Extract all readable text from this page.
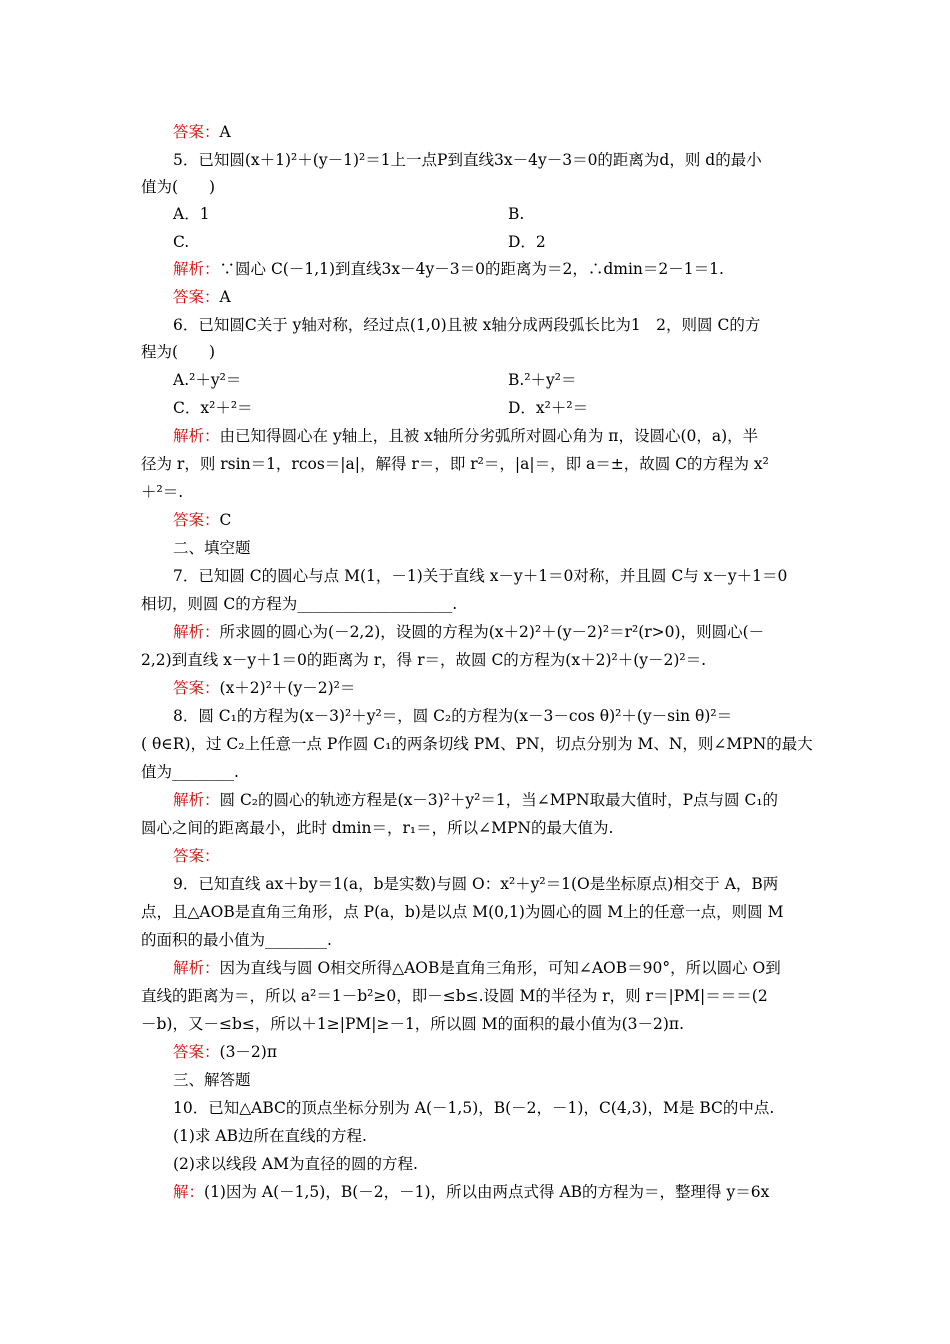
答案：A
5．已知圆(x＋1)²＋(y－1)²＝1上一点P到直线3x－4y－3＝0的距离为d，则 d的最小
值为(　　)
A．1
C.
解析：∵圆心 C(－1,1)到直线3x－4y－3＝0的距离为＝2，∴dmin＝2－1＝1.
答案：A
6．已知圆C关于 y轴对称，经过点(1,0)且被 x轴分成两段弧长比为1　2，则圆 C的方
程为(　　)
A.²＋y²＝
C．x²＋²＝
解析：由已知得圆心在 y轴上，且被 x轴所分劣弧所对圆心角为 π，设圆心(0，a)，半
径为 r，则 rsin＝1，rcos＝|a|，解得 r＝，即 r²＝，|a|＝，即 a＝±，故圆 C的方程为 x²
＋²＝.
答案：C
二、填空题
7．已知圆 C的圆心与点 M(1，－1)关于直线 x－y＋1＝0对称，并且圆 C与 x－y＋1＝0
相切，则圆 C的方程为____________________.
解析：所求圆的圆心为(－2,2)，设圆的方程为(x＋2)²＋(y－2)²＝r²(r>0)，则圆心(－
2,2)到直线 x－y＋1＝0的距离为 r，得 r＝，故圆 C的方程为(x＋2)²＋(y－2)²＝.
答案：(x＋2)²＋(y－2)²＝
8．圆 C₁的方程为(x－3)²＋y²＝，圆 C₂的方程为(x－3－cos θ)²＋(y－sin θ)²＝
( θ∈R)，过 C₂上任意一点 P作圆 C₁的两条切线 PM、PN，切点分别为 M、N，则∠MPN的最大
值为________.
解析：圆 C₂的圆心的轨迹方程是(x－3)²＋y²＝1，当∠MPN取最大值时，P点与圆 C₁的
圆心之间的距离最小，此时 dmin＝，r₁＝，所以∠MPN的最大值为.
答案：
9．已知直线 ax＋by＝1(a，b是实数)与圆 O：x²＋y²＝1(O是坐标原点)相交于 A，B两
点，且△AOB是直角三角形，点 P(a，b)是以点 M(0,1)为圆心的圆 M上的任意一点，则圆 M
的面积的最小值为________.
解析：因为直线与圆 O相交所得△AOB是直角三角形，可知∠AOB＝90°，所以圆心 O到
直线的距离为＝，所以 a²＝1－b²≥0，即－≤b≤.设圆 M的半径为 r，则 r＝|PM|＝＝＝(2
－b)，又－≤b≤，所以＋1≥|PM|≥－1，所以圆 M的面积的最小值为(3－2)π.
答案：(3－2)π
三、解答题
10．已知△ABC的顶点坐标分别为 A(－1,5)，B(－2，－1)，C(4,3)，M是 BC的中点.
(1)求 AB边所在直线的方程.
(2)求以线段 AM为直径的圆的方程.
解：(1)因为 A(－1,5)，B(－2，－1)，所以由两点式得 AB的方程为＝，整理得 y＝6x
B.
D．2
B.²＋y²＝
D．x²＋²＝
